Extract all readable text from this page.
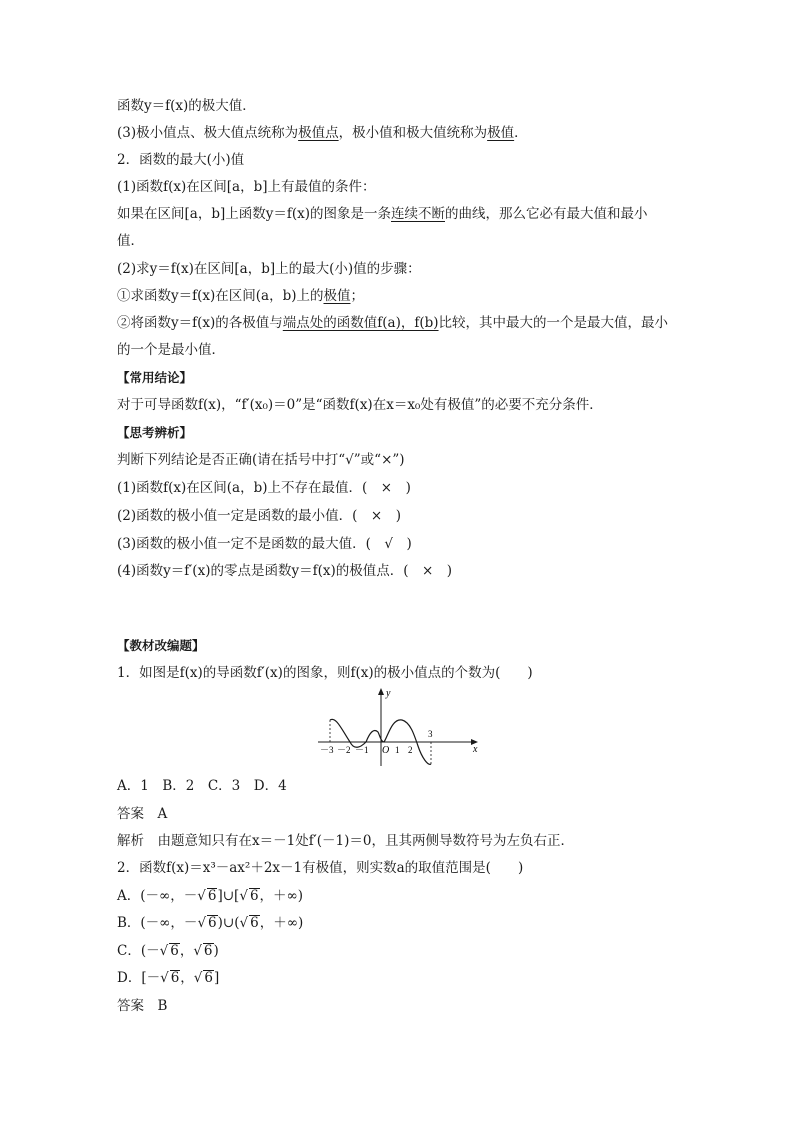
函数y＝f(x)的极大值．
(3)极小值点、极大值点统称为极值点，极小值和极大值统称为极值．
2．函数的最大(小)值
(1)函数f(x)在区间[a，b]上有最值的条件：
如果在区间[a，b]上函数y＝f(x)的图象是一条连续不断的曲线，那么它必有最大值和最小
值．
(2)求y＝f(x)在区间[a，b]上的最大(小)值的步骤：
①求函数y＝f(x)在区间(a，b)上的极值；
②将函数y＝f(x)的各极值与端点处的函数值f(a)，f(b)比较，其中最大的一个是最大值，最小
的一个是最小值．
【常用结论】
对于可导函数f(x)，“f′(x₀)＝0”是“函数f(x)在x＝x₀处有极值”的必要不充分条件．
【思考辨析】
判断下列结论是否正确(请在括号中打“√”或“×”)
(1)函数f(x)在区间(a，b)上不存在最值．(　×　)
(2)函数的极小值一定是函数的最小值．(　×　)
(3)函数的极小值一定不是函数的最大值．(　√　)
(4)函数y＝f′(x)的零点是函数y＝f(x)的极值点．(　×　)
【教材改编题】
1．如图是f(x)的导函数f′(x)的图象，则f(x)的极小值点的个数为(　　)
y
x
O
－3 －2 －1	1 2
3
A．1　B．2　C．3　D．4
答案　A
解析　由题意知只有在x＝－1处f′(－1)＝0，且其两侧导数符号为左负右正．
2．函数f(x)＝x³－ax²＋2x－1有极值，则实数a的取值范围是(　　)
A．(－∞，－√ 6]∪[√ 6，＋∞)
B．(－∞，－√ 6)∪(√ 6，＋∞)
C．(－√ 6，√ 6)
D．[－√ 6，√ 6]
答案　B
